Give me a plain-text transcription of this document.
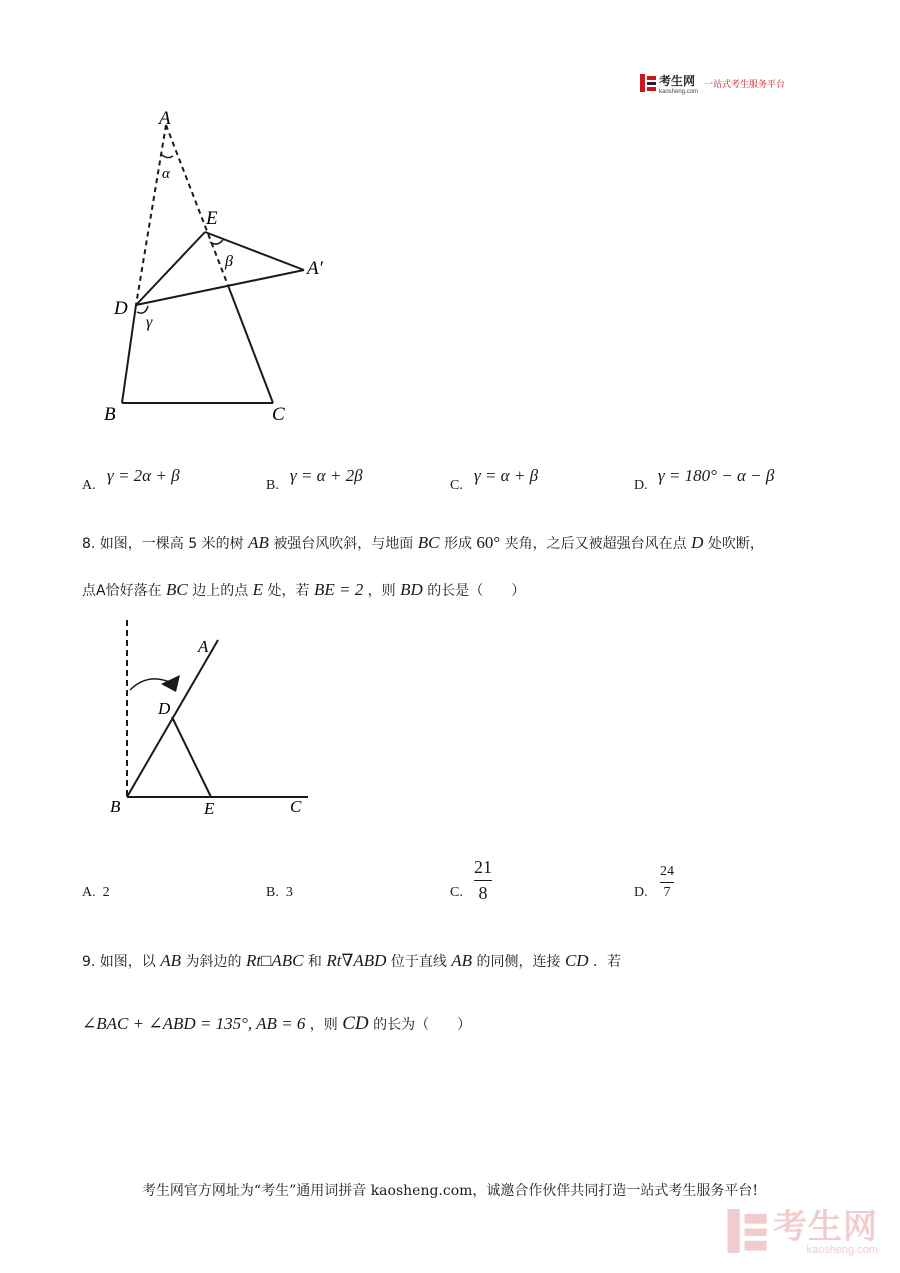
考生网
kaosheng.com
一站式考生服务平台
A
α
E
β	A′
D
γ
B	C
A.
γ = 2α + β
B.
γ = α + 2β
C.
γ = α + β
D.
γ = 180° − α − β
8. 如图，一棵高 5 米的树 AB 被强台风吹斜，与地面 BC 形成 60° 夹角，之后又被超强台风在点 D 处吹断，
点A恰好落在 BC 边上的点 E 处，若 BE = 2 ，则 BD 的长是（　　）
A
D
B	E	C
A. 2	B. 3	C.
21
8	D.
24
7
9. 如图，以 AB 为斜边的 Rt□ABC 和 Rt∇ABD 位于直线 AB 的同侧，连接 CD ．若
∠BAC + ∠ABD = 135°, AB = 6 ，则 CD 的长为（　　）
考生网官方网址为“考生”通用词拼音 kaosheng.com，诚邀合作伙伴共同打造一站式考生服务平台!
考生网
kaosheng.com
